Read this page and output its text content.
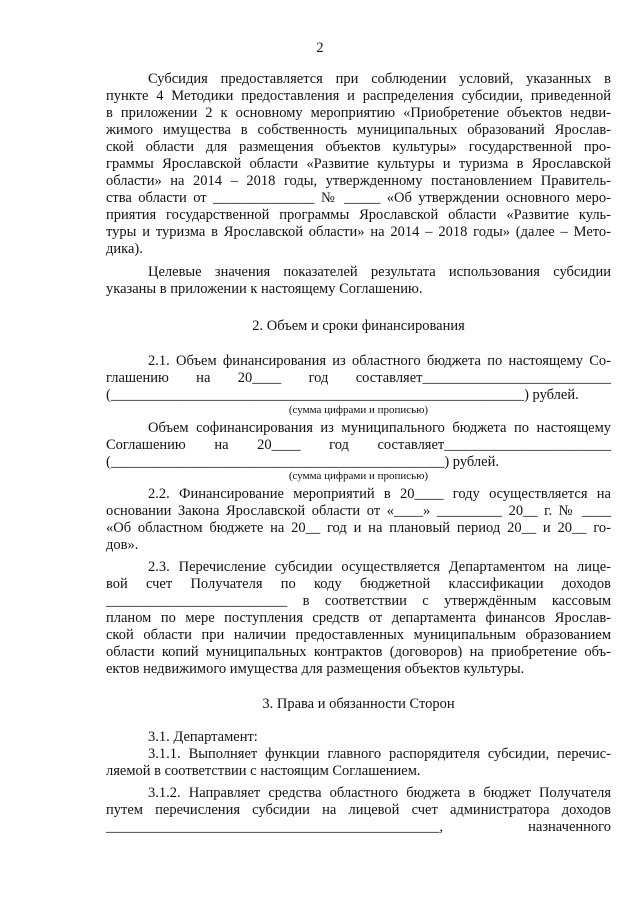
2
Субсидия предоставляется при соблюдении условий, указанных в
пункте 4 Методики предоставления и распределения субсидии, приведенной
в приложении 2 к основному мероприятию «Приобретение объектов недви-
жимого имущества в собственность муниципальных образований Ярослав-
ской области для размещения объектов культуры» государственной про-
граммы Ярославской области «Развитие культуры и туризма в Ярославской
области» на 2014 – 2018 годы, утвержденному постановлением Правитель-
ства области от ______________ № _____ «Об утверждении основного меро-
приятия государственной программы Ярославской области «Развитие куль-
туры и туризма в Ярославской области» на 2014 – 2018 годы» (далее – Мето-
дика).
Целевые значения показателей результата использования субсидии
указаны в приложении к настоящему Соглашению.
2. Объем и сроки финансирования
2.1. Объем финансирования из областного бюджета по настоящему Со-
глашению на 20____ год составляет__________________________
(_________________________________________________________) рублей.
(сумма цифрами и прописью)
Объем софинансирования из муниципального бюджета по настоящему
Соглашению на 20____ год составляет_______________________
(______________________________________________) рублей.
(сумма цифрами и прописью)
2.2. Финансирование мероприятий в 20____ году осуществляется на
основании Закона Ярославской области от «____» _________ 20__ г. № ____
«Об областном бюджете на 20__ год и на плановый период 20__ и 20__ го-
дов».
2.3. Перечисление субсидии осуществляется Департаментом на лице-
вой счет Получателя по коду бюджетной классификации доходов
_________________________ в соответствии с утверждённым кассовым
планом по мере поступления средств от департамента финансов Ярослав-
ской области при наличии предоставленных муниципальным образованием
области копий муниципальных контрактов (договоров) на приобретение объ-
ектов недвижимого имущества для размещения объектов культуры.
3. Права и обязанности Сторон
3.1. Департамент:
3.1.1. Выполняет функции главного распорядителя субсидии, перечис-
ляемой в соответствии с настоящим Соглашением.
3.1.2. Направляет средства областного бюджета в бюджет Получателя
путем перечисления субсидии на лицевой счет администратора доходов
______________________________________________, назначенного
